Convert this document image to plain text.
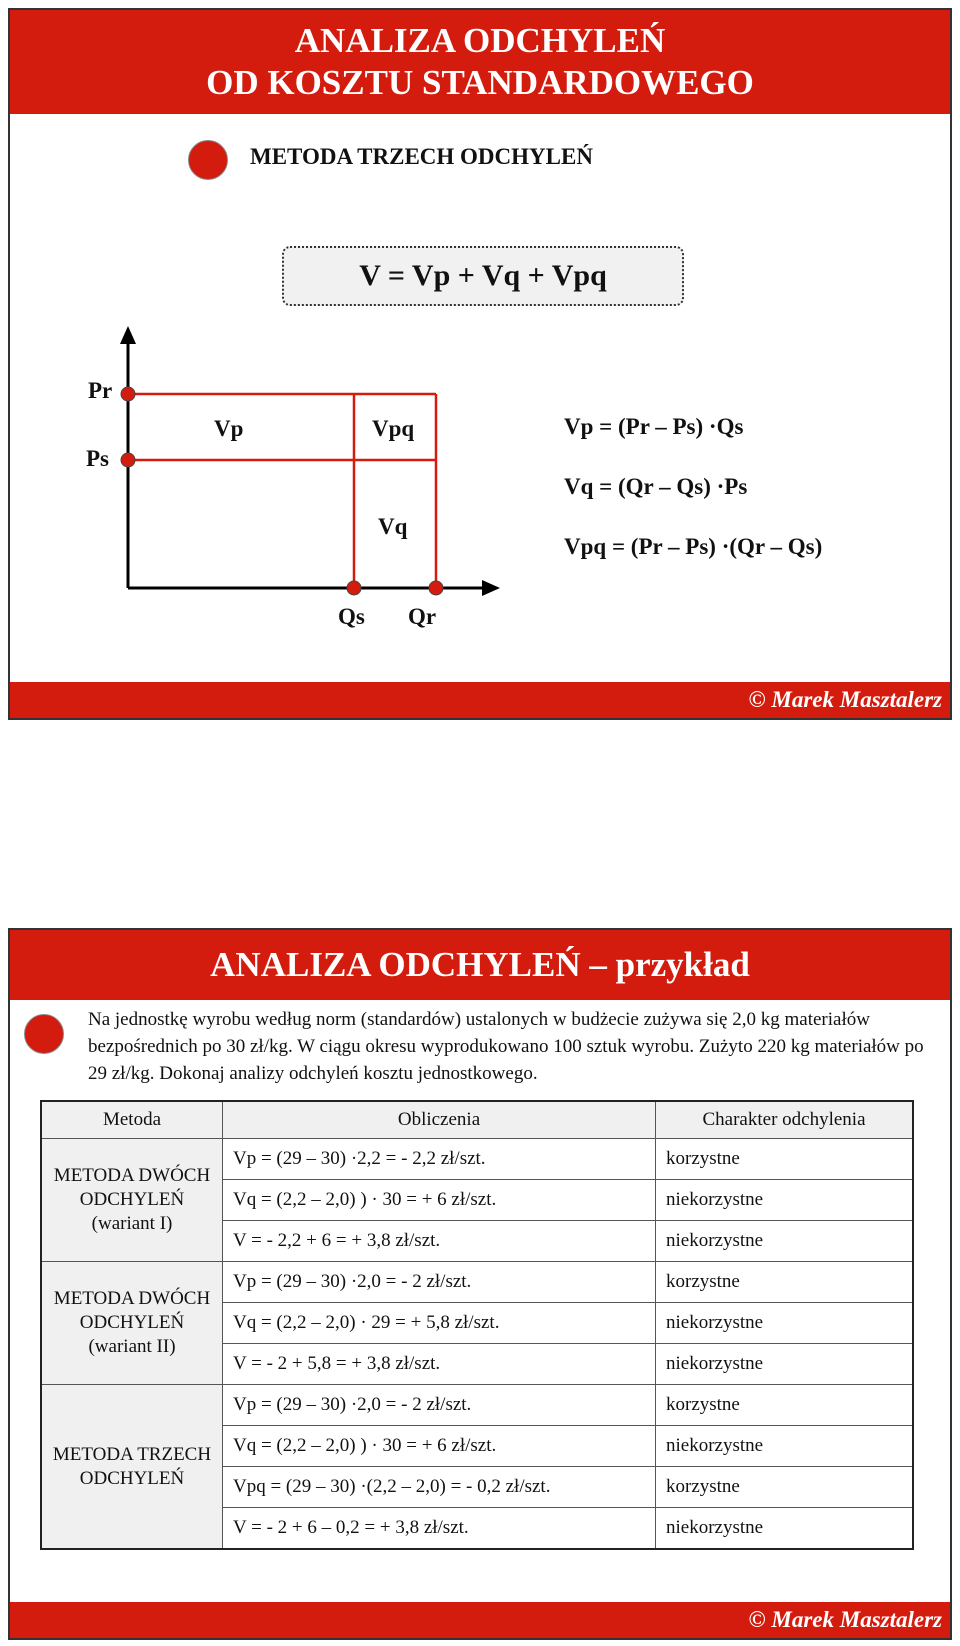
ANALIZA ODCHYLEŃ
OD KOSZTU STANDARDOWEGO
METODA TRZECH ODCHYLEŃ
V = Vp + Vq + Vpq
Pr
Ps
Vp	Vpq
Vq
Qs Qr
Vp = (Pr – Ps) ·Qs
Vq = (Qr – Qs) ·Ps
Vpq = (Pr – Ps) ·(Qr – Qs)
© Marek Masztalerz
ANALIZA ODCHYLEŃ – przykład
Na jednostkę wyrobu według norm (standardów) ustalonych w budżecie zużywa się 2,0 kg materiałów bezpośrednich po 30 zł/kg. W ciągu okresu wyprodukowano 100 sztuk wyrobu. Zużyto 220 kg materiałów po 29 zł/kg. Dokonaj analizy odchyleń kosztu jednostkowego.
Metoda	Obliczenia	Charakter odchylenia
METODA DWÓCH ODCHYLEŃ (wariant I)	Vp = (29 – 30) ·2,2 = - 2,2 zł/szt.	korzystne
	Vq = (2,2 – 2,0) ) · 30 = + 6 zł/szt.	niekorzystne
	V = - 2,2 + 6 = + 3,8 zł/szt.	niekorzystne
METODA DWÓCH ODCHYLEŃ (wariant II)	Vp = (29 – 30) ·2,0 = - 2 zł/szt.	korzystne
	Vq = (2,2 – 2,0) · 29 = + 5,8 zł/szt.	niekorzystne
	V = - 2 + 5,8 = + 3,8 zł/szt.	niekorzystne
METODA TRZECH ODCHYLEŃ	Vp = (29 – 30) ·2,0 = - 2 zł/szt.	korzystne
	Vq = (2,2 – 2,0) ) · 30 = + 6 zł/szt.	niekorzystne
	Vpq = (29 – 30) ·(2,2 – 2,0) = - 0,2 zł/szt.	korzystne
	V = - 2 + 6 – 0,2 = + 3,8 zł/szt.	niekorzystne
© Marek Masztalerz
